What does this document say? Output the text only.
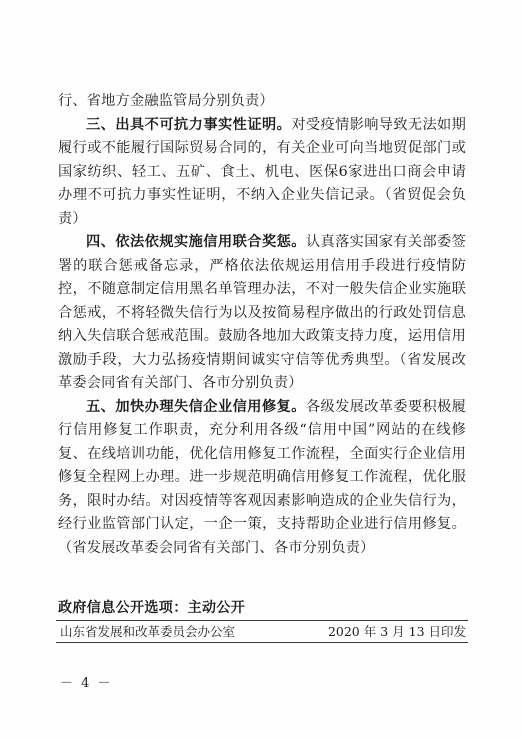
行、省地方金融监管局分别负责）

三、出具不可抗力事实性证明。对受疫情影响导致无法如期履行或不能履行国际贸易合同的，有关企业可向当地贸促部门或国家纺织、轻工、五矿、食土、机电、医保6家进出口商会申请办理不可抗力事实性证明，不纳入企业失信记录。（省贸促会负责）

四、依法依规实施信用联合奖惩。认真落实国家有关部委签署的联合惩戒备忘录，严格依法依规运用信用手段进行疫情防控，不随意制定信用黑名单管理办法，不对一般失信企业实施联合惩戒，不将轻微失信行为以及按简易程序做出的行政处罚信息纳入失信联合惩戒范围。鼓励各地加大政策支持力度，运用信用激励手段，大力弘扬疫情期间诚实守信等优秀典型。（省发展改革委会同省有关部门、各市分别负责）

五、加快办理失信企业信用修复。各级发展改革委要积极履行信用修复工作职责，充分利用各级“信用中国”网站的在线修复、在线培训功能，优化信用修复工作流程，全面实行企业信用修复全程网上办理。进一步规范明确信用修复工作流程，优化服务，限时办结。对因疫情等客观因素影响造成的企业失信行为，经行业监管部门认定，一企一策，支持帮助企业进行信用修复。（省发展改革委会同省有关部门、各市分别负责）

政府信息公开选项：主动公开
山东省发展和改革委员会办公室	2020 年 3 月 13 日印发
－ 4 －
